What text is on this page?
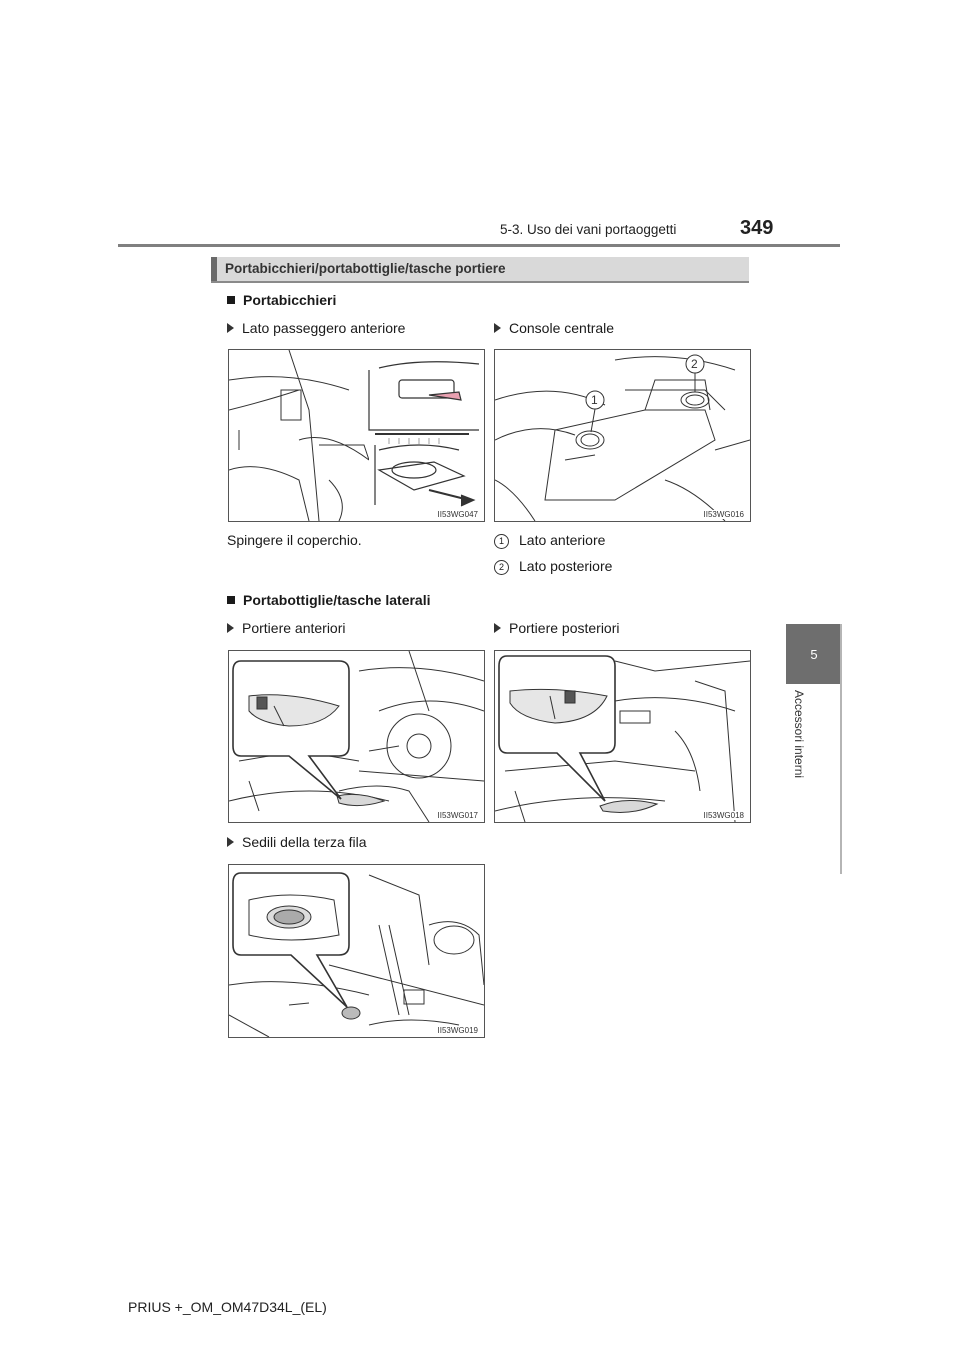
5-3. Uso dei vani portaoggetti	349
5
Accessori interni
Portabicchieri/portabottiglie/tasche portiere
Portabicchieri
Lato passeggero anteriore	Console centrale
II53WG047
1
2
II53WG016
Spingere il coperchio.	1 Lato anteriore
2 Lato posteriore
Portabottiglie/tasche laterali
Portiere anteriori	Portiere posteriori
II53WG017	II53WG018
Sedili della terza fila
II53WG019
PRIUS +_OM_OM47D34L_(EL)
